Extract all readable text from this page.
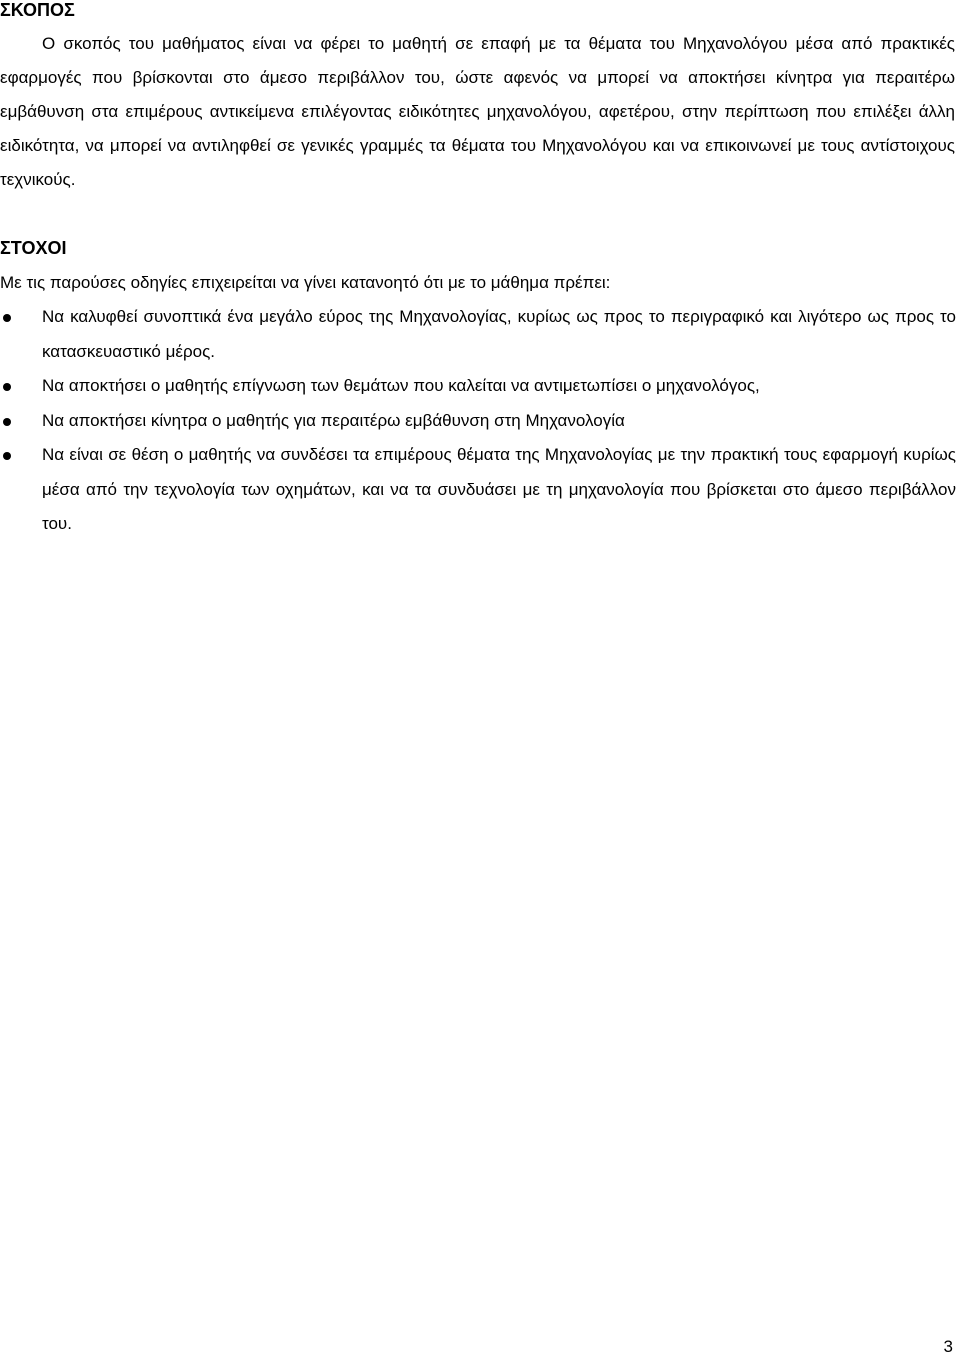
ΣΚΟΠΟΣ

Ο σκοπός του μαθήματος είναι να φέρει το μαθητή σε επαφή με τα θέματα του Μηχανολόγου μέσα από πρακτικές εφαρμογές που βρίσκονται στο άμεσο περιβάλλον του, ώστε αφενός να μπορεί να αποκτήσει κίνητρα για περαιτέρω εμβάθυνση στα επιμέρους αντικείμενα επιλέγοντας ειδικότητες μηχανολόγου, αφετέρου, στην περίπτωση που επιλέξει άλλη ειδικότητα, να μπορεί να αντιληφθεί σε γενικές γραμμές τα θέματα του Μηχανολόγου και να επικοινωνεί με τους αντίστοιχους τεχνικούς.

ΣΤΟΧΟΙ

Με τις παρούσες οδηγίες επιχειρείται να γίνει κατανοητό ότι με το μάθημα πρέπει:

Να καλυφθεί συνοπτικά ένα μεγάλο εύρος της Μηχανολογίας, κυρίως ως προς το περιγραφικό και λιγότερο ως προς το κατασκευαστικό μέρος.
Να αποκτήσει ο μαθητής επίγνωση των θεμάτων που καλείται να αντιμετωπίσει ο μηχανολόγος,
Να αποκτήσει κίνητρα ο μαθητής για περαιτέρω εμβάθυνση στη Μηχανολογία
Να είναι σε θέση ο μαθητής να συνδέσει τα επιμέρους θέματα της Μηχανολογίας με την πρακτική τους εφαρμογή κυρίως μέσα από την τεχνολογία των οχημάτων, και να τα συνδυάσει με τη μηχανολογία που βρίσκεται στο άμεσο περιβάλλον του.
3
